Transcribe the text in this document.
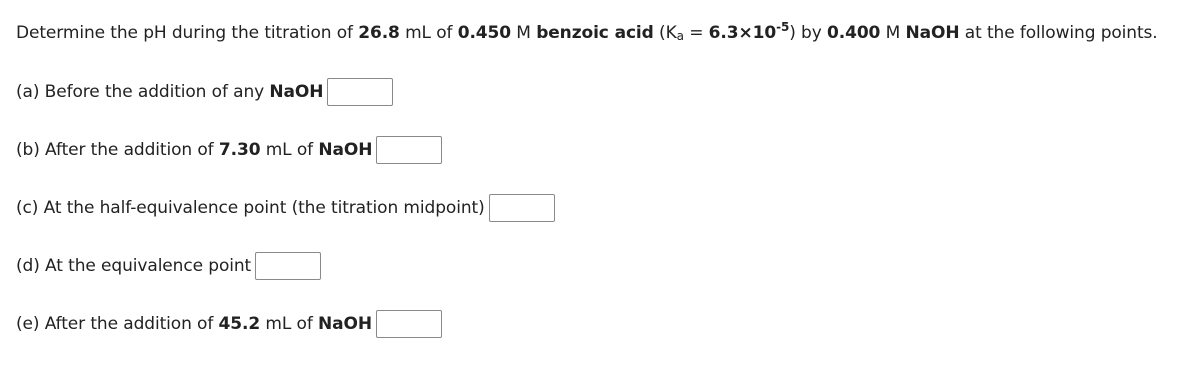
Determine the pH during the titration of 26.8 mL of 0.450 M benzoic acid $(K_a = 6.3\times 10^{-5})$ by 0.400 M NaOH at the following points.
(a) Before the addition of any NaOH
(b) After the addition of 7.30 mL of NaOH
(c) At the half-equivalence point (the titration midpoint)
(d) At the equivalence point
(e) After the addition of 45.2 mL of NaOH
